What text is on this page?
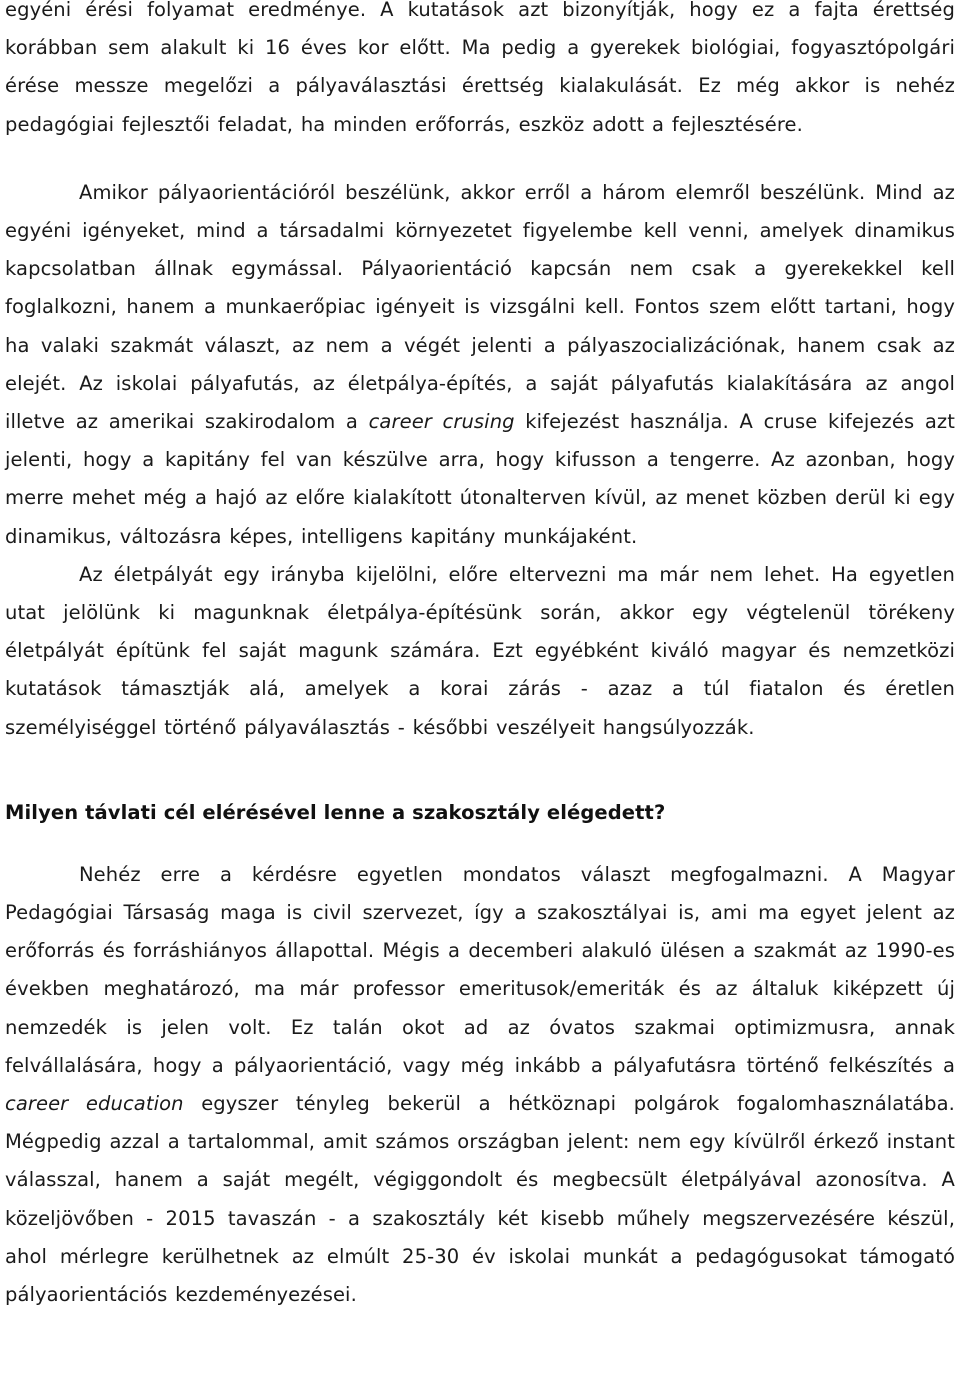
egyéni érési folyamat eredménye. A kutatások azt bizonyítják, hogy ez a fajta érettség korábban sem alakult ki 16 éves kor előtt. Ma pedig a gyerekek biológiai, fogyasztópolgári érése messze megelőzi a pályaválasztási érettség kialakulását. Ez még akkor is nehéz pedagógiai fejlesztői feladat, ha minden erőforrás, eszköz adott a fejlesztésére.

Amikor pályaorientációról beszélünk, akkor erről a három elemről beszélünk. Mind az egyéni igényeket, mind a társadalmi környezetet figyelembe kell venni, amelyek dinamikus kapcsolatban állnak egymással. Pályaorientáció kapcsán nem csak a gyerekekkel kell foglalkozni, hanem a munkaerőpiac igényeit is vizsgálni kell. Fontos szem előtt tartani, hogy ha valaki szakmát választ, az nem a végét jelenti a pályaszocializációnak, hanem csak az elejét. Az iskolai pályafutás, az életpálya-építés, a saját pályafutás kialakítására az angol illetve az amerikai szakirodalom a career crusing kifejezést használja. A cruse kifejezés azt jelenti, hogy a kapitány fel van készülve arra, hogy kifusson a tengerre. Az azonban, hogy merre mehet még a hajó az előre kialakított útonalterven kívül, az menet közben derül ki egy dinamikus, változásra képes, intelligens kapitány munkájaként.

Az életpályát egy irányba kijelölni, előre eltervezni ma már nem lehet. Ha egyetlen utat jelölünk ki magunknak életpálya-építésünk során, akkor egy végtelenül törékeny életpályát építünk fel saját magunk számára. Ezt egyébként kiváló magyar és nemzetközi kutatások támasztják alá, amelyek a korai zárás - azaz a túl fiatalon és éretlen személyiséggel történő pályaválasztás - későbbi veszélyeit hangsúlyozzák.

Milyen távlati cél elérésével lenne a szakosztály elégedett?

Nehéz erre a kérdésre egyetlen mondatos választ megfogalmazni. A Magyar Pedagógiai Társaság maga is civil szervezet, így a szakosztályai is, ami ma egyet jelent az erőforrás és forráshiányos állapottal. Mégis a decemberi alakuló ülésen a szakmát az 1990-es években meghatározó, ma már professor emeritusok/emeriták és az általuk kiképzett új nemzedék is jelen volt. Ez talán okot ad az óvatos szakmai optimizmusra, annak felvállalására, hogy a pályaorientáció, vagy még inkább a pályafutásra történő felkészítés a career education egyszer tényleg bekerül a hétköznapi polgárok fogalomhasználatába. Mégpedig azzal a tartalommal, amit számos országban jelent: nem egy kívülről érkező instant válasszal, hanem a saját megélt, végiggondolt és megbecsült életpályával azonosítva. A közeljövőben - 2015 tavaszán - a szakosztály két kisebb műhely megszervezésére készül, ahol mérlegre kerülhetnek az elmúlt 25-30 év iskolai munkát a pedagógusokat támogató pályaorientációs kezdeményezései.
